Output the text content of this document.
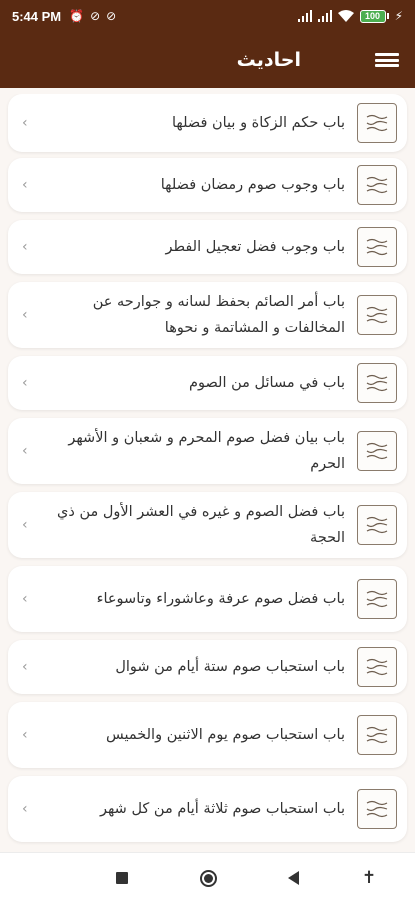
5:44 PM ⏰ ⊘ ⊘	100	⚡
احاديث
‹	باب حكم الزكاة و بيان فضلها
‹	باب وجوب صوم رمضان فضلها
‹	باب وجوب فضل تعجيل الفطر
‹
باب أمر الصائم بحفظ لسانه و جوارحه عن المخالفات و المشاتمة و نحوها
‹	باب في مسائل من الصوم
‹
باب بيان فضل صوم المحرم و شعبان و الأشهر الحرم
‹
باب فضل الصوم و غيره في العشر الأول من ذي الحجة
‹	باب فضل صوم عرفة وعاشوراء وتاسوعاء
‹	باب استحباب صوم ستة أيام من شوال
‹	باب استحباب صوم يوم الاثنين والخميس
‹	باب استحباب صوم ثلاثة أيام من كل شهر
✝
